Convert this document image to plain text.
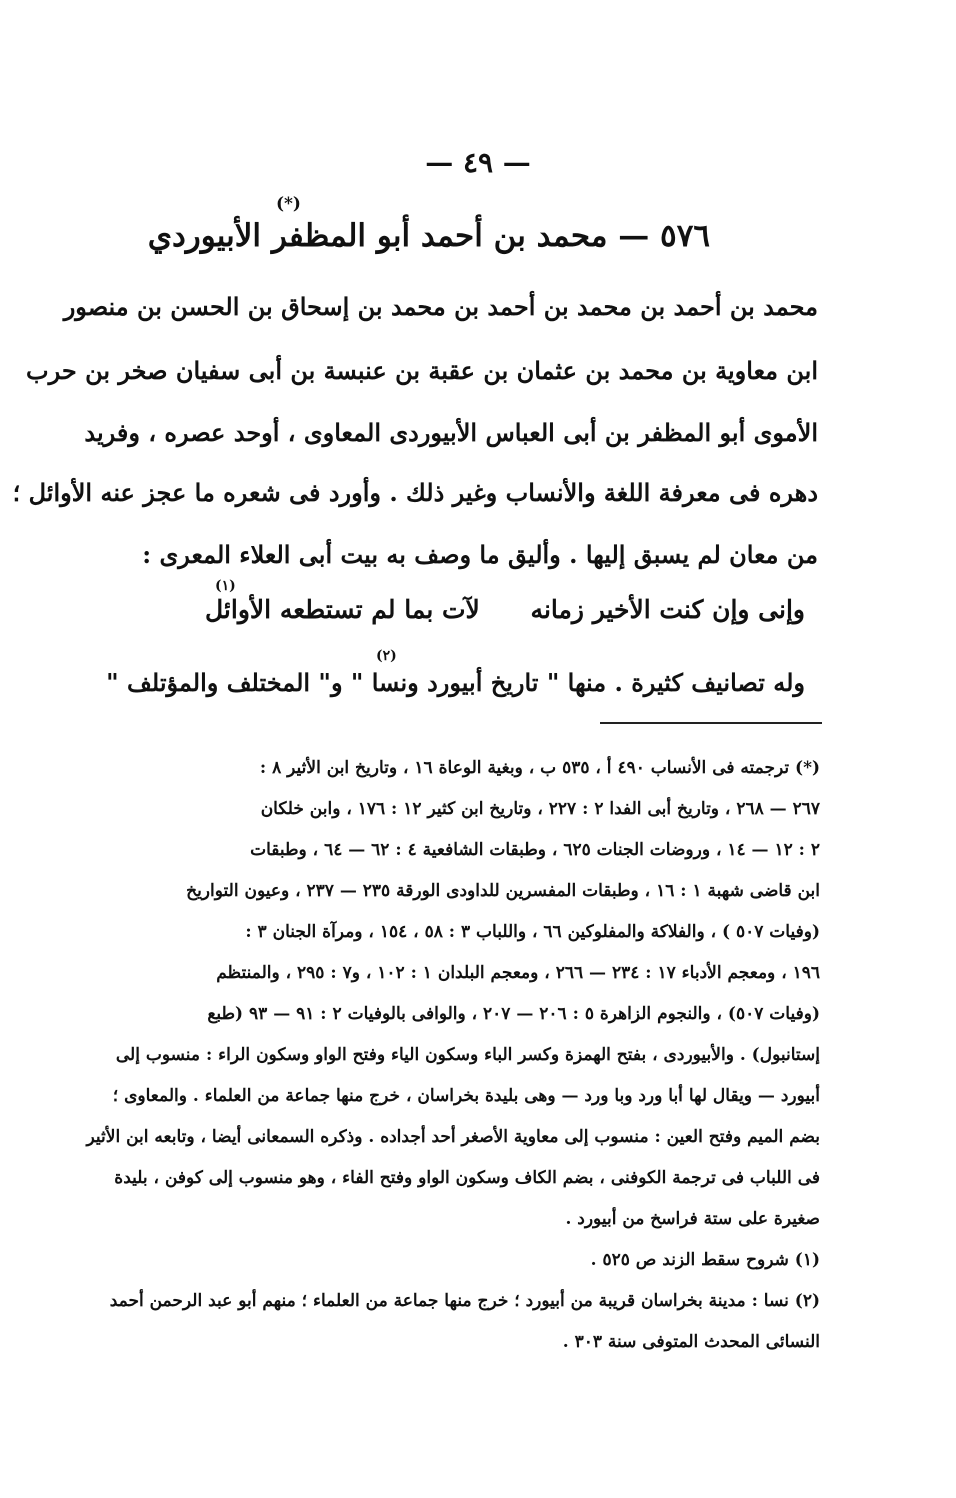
— ٤٩ —
(*)
٥٧٦ — محمد بن أحمد أبو المظفر الأبيوردي
محمد بن أحمد بن محمد بن أحمد بن محمد بن إسحاق بن الحسن بن منصور
ابن معاوية بن محمد بن عثمان بن عقبة بن عنبسة بن أبى سفيان صخر بن حرب
الأموى أبو المظفر بن أبى العباس الأبيوردى المعاوى ، أوحد عصره ، وفريد
دهره فى معرفة اللغة والأنساب وغير ذلك . وأورد فى شعره ما عجز عنه الأوائل ؛
من معان لم يسبق إليها . وأليق ما وصف به بيت أبى العلاء المعرى :
(١)
وإنى وإن كنت الأخير زمانه
لآت بما لم تستطعه الأوائل
(٢)
وله تصانيف كثيرة . منها " تاريخ أبيورد ونسا " و" المختلف والمؤتلف "
(*) ترجمته فى الأنساب ٤٩٠ أ ، ٥٣٥ ب ، وبغية الوعاة ١٦ ، وتاريخ ابن الأثير ٨ :
٢٦٧ — ٢٦٨ ، وتاريخ أبى الفدا ٢ : ٢٢٧ ، وتاريخ ابن كثير ١٢ : ١٧٦ ، وابن خلكان
٢ : ١٢ — ١٤ ، وروضات الجنات ٦٢٥ ، وطبقات الشافعية ٤ : ٦٢ — ٦٤ ، وطبقات
ابن قاضى شهبة ١ : ١٦ ، وطبقات المفسرين للداودى الورقة ٢٣٥ — ٢٣٧ ، وعيون التواريخ
(وفيات ٥٠٧ ) ، والفلاكة والمفلوكين ٦٦ ، واللباب ٣ : ٥٨ ، ١٥٤ ، ومرآة الجنان ٣ :
١٩٦ ، ومعجم الأدباء ١٧ : ٢٣٤ — ٢٦٦ ، ومعجم البلدان ١ : ١٠٢ ، و٧ : ٢٩٥ ، والمنتظم
(وفيات ٥٠٧) ، والنجوم الزاهرة ٥ : ٢٠٦ — ٢٠٧ ، والوافى بالوفيات ٢ : ٩١ — ٩٣ (طبع
إستانبول) . والأبيوردى ، بفتح الهمزة وكسر الباء وسكون الياء وفتح الواو وسكون الراء : منسوب إلى
أبيورد — ويقال لها أبا ورد وبا ورد — وهى بليدة بخراسان ، خرج منها جماعة من العلماء . والمعاوى ؛
بضم الميم وفتح العين : منسوب إلى معاوية الأصغر أحد أجداده . وذكره السمعانى أيضا ، وتابعه ابن الأثير
فى اللباب فى ترجمة الكوفنى ، بضم الكاف وسكون الواو وفتح الفاء ، وهو منسوب إلى كوفن ، بليدة
صغيرة على ستة فراسخ من أبيورد .
(١) شروح سقط الزند ص ٥٢٥ .
(٢) نسا : مدينة بخراسان قريبة من أبيورد ؛ خرج منها جماعة من العلماء ؛ منهم أبو عبد الرحمن أحمد
النسائى المحدث المتوفى سنة ٣٠٣ .
